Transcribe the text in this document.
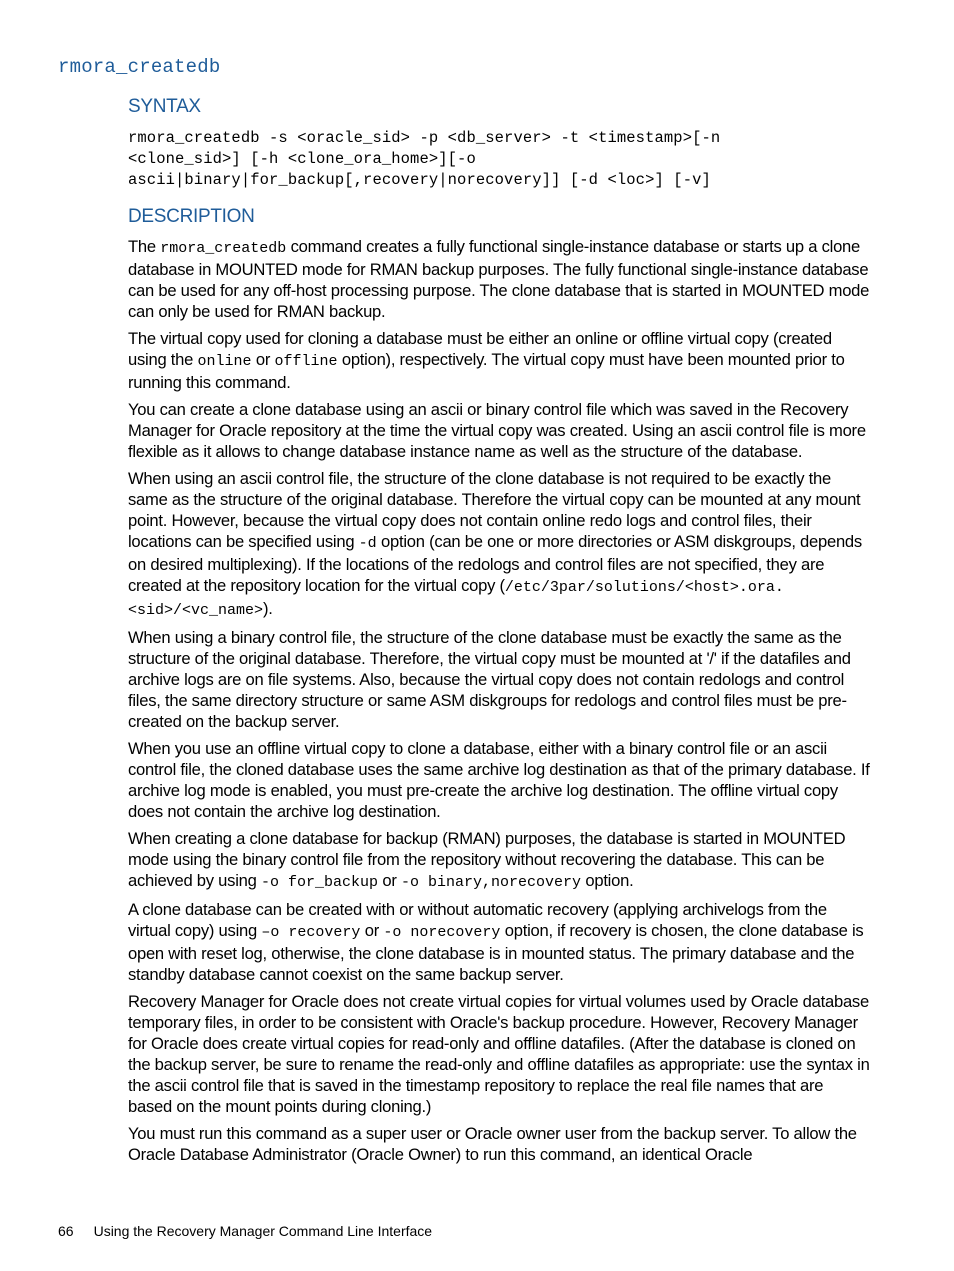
rmora_createdb
SYNTAX
rmora_createdb -s <oracle_sid> -p <db_server> -t <timestamp>[-n
<clone_sid>] [-h <clone_ora_home>][-o
ascii|binary|for_backup[,recovery|norecovery]] [-d <loc>] [-v]
DESCRIPTION

The rmora_createdb command creates a fully functional single-instance database or starts up a clone database in MOUNTED mode for RMAN backup purposes. The fully functional single-instance database can be used for any off-host processing purpose. The clone database that is started in MOUNTED mode can only be used for RMAN backup.

The virtual copy used for cloning a database must be either an online or offline virtual copy (created using the online or offline option), respectively. The virtual copy must have been mounted prior to running this command.

You can create a clone database using an ascii or binary control file which was saved in the Recovery Manager for Oracle repository at the time the virtual copy was created. Using an ascii control file is more flexible as it allows to change database instance name as well as the structure of the database.

When using an ascii control file, the structure of the clone database is not required to be exactly the same as the structure of the original database. Therefore the virtual copy can be mounted at any mount point. However, because the virtual copy does not contain online redo logs and control files, their locations can be specified using -d option (can be one or more directories or ASM diskgroups, depends on desired multiplexing). If the locations of the redologs and control files are not specified, they are created at the repository location for the virtual copy (/etc/3par/solutions/<host>.ora.<sid>/<vc_name>).

When using a binary control file, the structure of the clone database must be exactly the same as the structure of the original database. Therefore, the virtual copy must be mounted at '/' if the datafiles and archive logs are on file systems. Also, because the virtual copy does not contain redologs and control files, the same directory structure or same ASM diskgroups for redologs and control files must be pre-created on the backup server.

When you use an offline virtual copy to clone a database, either with a binary control file or an ascii control file, the cloned database uses the same archive log destination as that of the primary database. If archive log mode is enabled, you must pre-create the archive log destination. The offline virtual copy does not contain the archive log destination.

When creating a clone database for backup (RMAN) purposes, the database is started in MOUNTED mode using the binary control file from the repository without recovering the database. This can be achieved by using -o for_backup or -o binary,norecovery option.

A clone database can be created with or without automatic recovery (applying archivelogs from the virtual copy) using –o recovery or -o norecovery option, if recovery is chosen, the clone database is open with reset log, otherwise, the clone database is in mounted status. The primary database and the standby database cannot coexist on the same backup server.

Recovery Manager for Oracle does not create virtual copies for virtual volumes used by Oracle database temporary files, in order to be consistent with Oracle's backup procedure. However, Recovery Manager for Oracle does create virtual copies for read-only and offline datafiles. (After the database is cloned on the backup server, be sure to rename the read-only and offline datafiles as appropriate: use the syntax in the ascii control file that is saved in the timestamp repository to replace the real file names that are based on the mount points during cloning.)

You must run this command as a super user or Oracle owner user from the backup server. To allow the Oracle Database Administrator (Oracle Owner) to run this command, an identical Oracle

66 Using the Recovery Manager Command Line Interface
